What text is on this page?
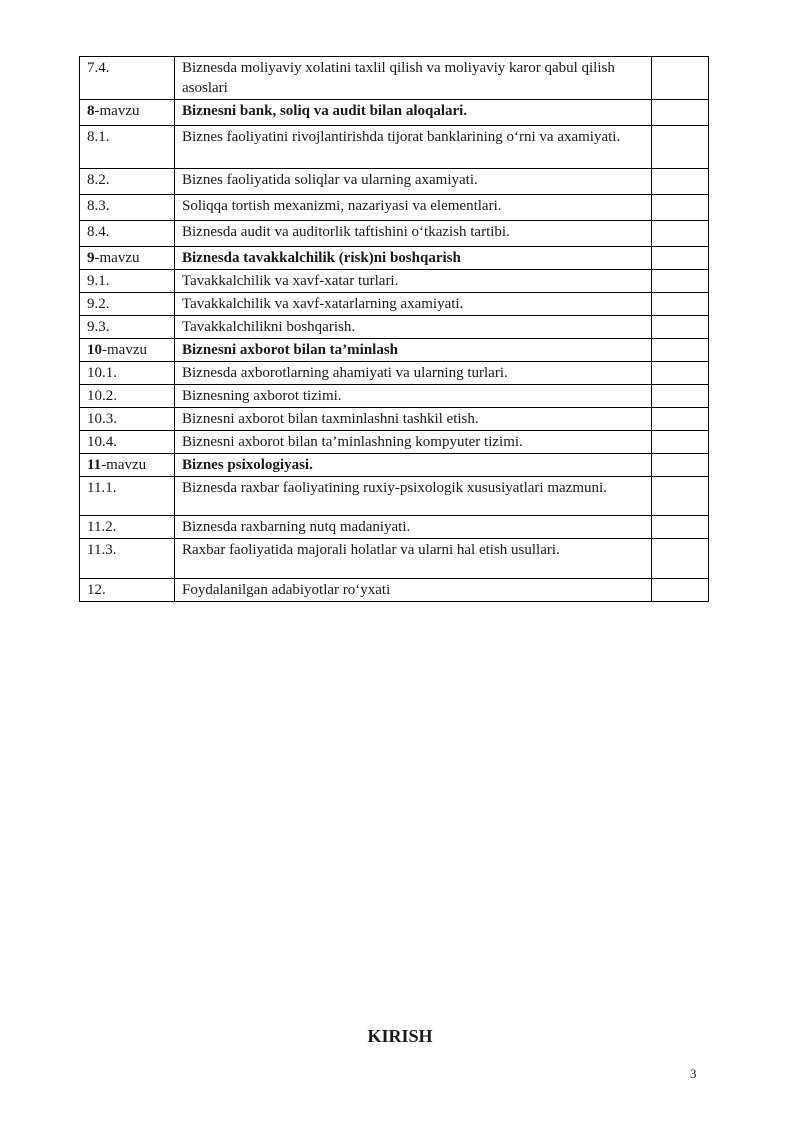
7.4.	Biznesda moliyaviy xolatini taxlil qilish va moliyaviy karor qabul qilish asoslari	
8-mavzu	Biznesni bank, soliq va audit bilan aloqalari.	
8.1.	Biznes faoliyatini rivojlantirishda tijorat banklarining o‘rni va axamiyati.	
8.2.	Biznes faoliyatida soliqlar va ularning axamiyati.	
8.3.	Soliqqa tortish mexanizmi, nazariyasi va elementlari.	
8.4.	Biznesda audit va auditorlik taftishini o‘tkazish tartibi.	
9-mavzu	Biznesda tavakkalchilik (risk)ni boshqarish	
9.1.	Tavakkalchilik va xavf-xatar turlari.	
9.2.	Tavakkalchilik va xavf-xatarlarning axamiyati.	
9.3.	Tavakkalchilikni boshqarish.	
10-mavzu	Biznesni axborot bilan ta’minlash	
10.1.	Biznesda axborotlarning ahamiyati va ularning turlari.	
10.2.	Biznesning axborot tizimi.	
10.3.	Biznesni axborot bilan taxminlashni tashkil etish.	
10.4.	Biznesni axborot bilan ta’minlashning kompyuter tizimi.	
11-mavzu	Biznes psixologiyasi.	
11.1.	Biznesda raxbar faoliyatining ruxiy-psixologik xususiyatlari mazmuni.	
11.2.	Biznesda raxbarning nutq madaniyati.	
11.3.	Raxbar faoliyatida majorali holatlar va ularni hal etish usullari.	
12.	Foydalanilgan adabiyotlar ro‘yxati	
KIRISH
3
